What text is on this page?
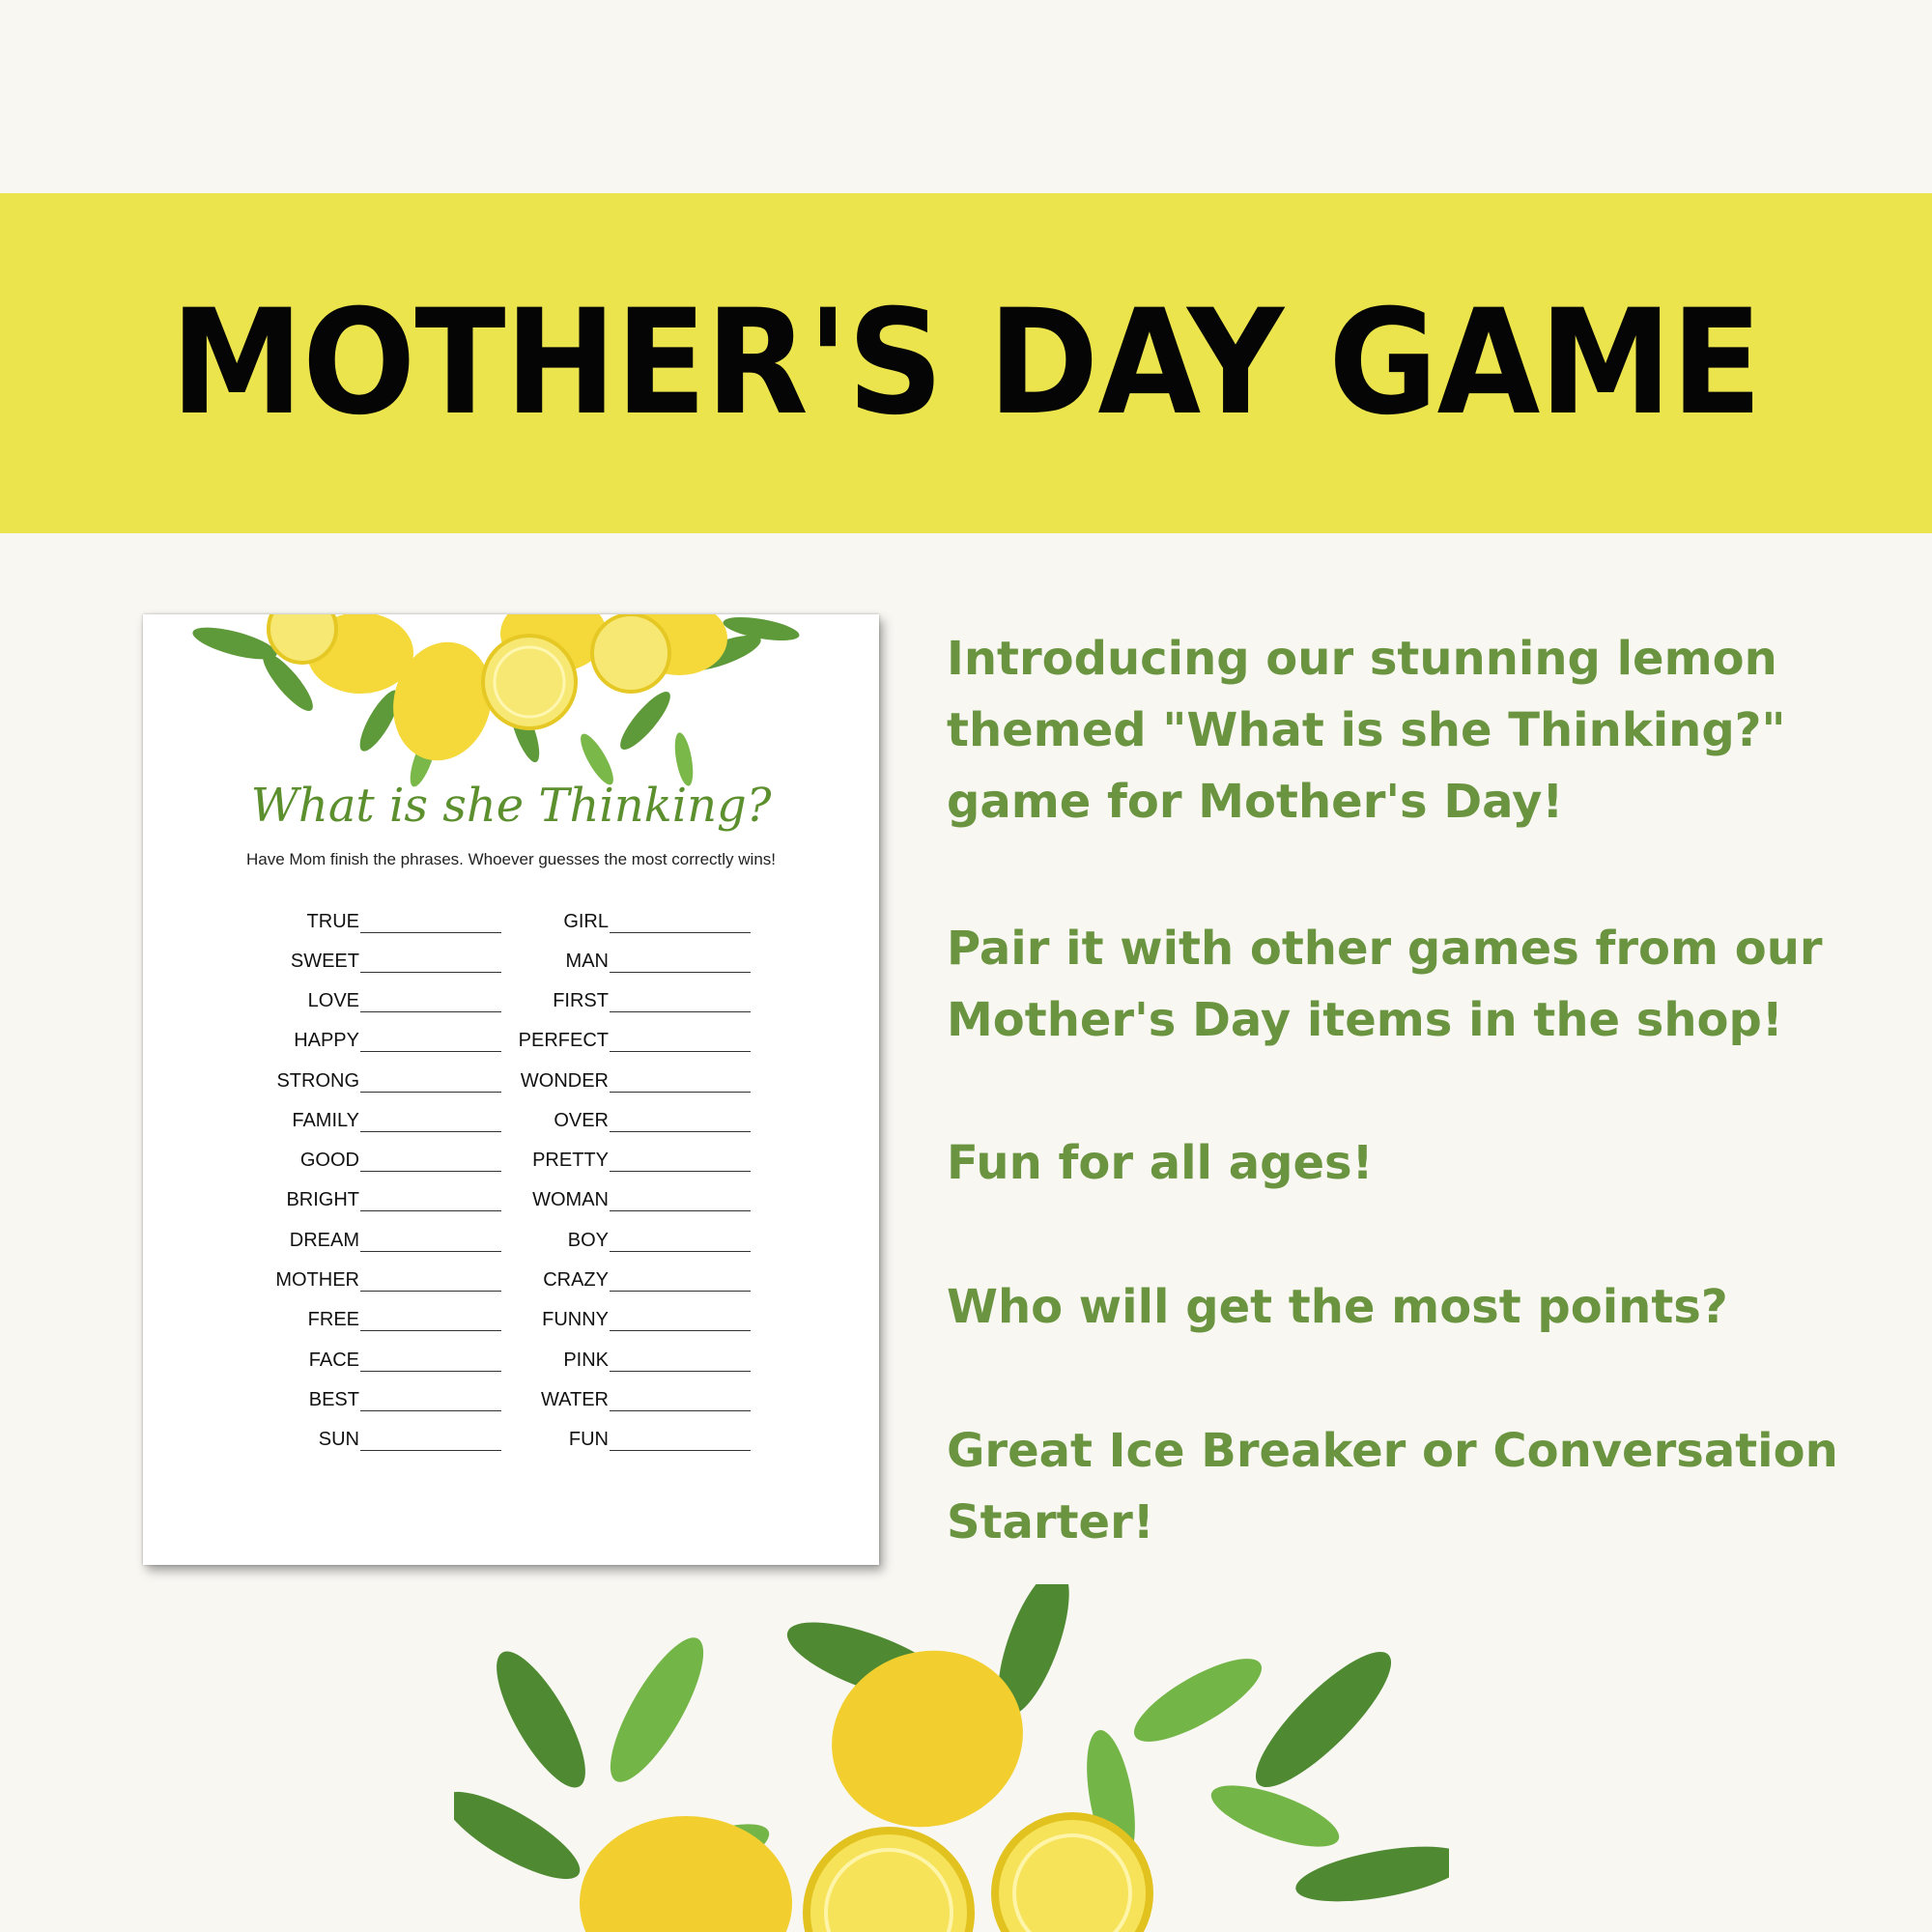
MOTHER'S DAY GAME
What is she Thinking?
Have Mom finish the phrases. Whoever guesses the most correctly wins!
TRUE
SWEET
LOVE
HAPPY
STRONG
FAMILY
GOOD
BRIGHT
DREAM
MOTHER
FREE
FACE
BEST
SUN
GIRL
MAN
FIRST
PERFECT
WONDER
OVER
PRETTY
WOMAN
BOY
CRAZY
FUNNY
PINK
WATER
FUN

Introducing our stunning lemon themed "What is she Thinking?" game for Mother's Day!

Pair it with other games from our Mother's Day items in the shop!

Fun for all ages!

Who will get the most points?

Great Ice Breaker or Conversation Starter!
